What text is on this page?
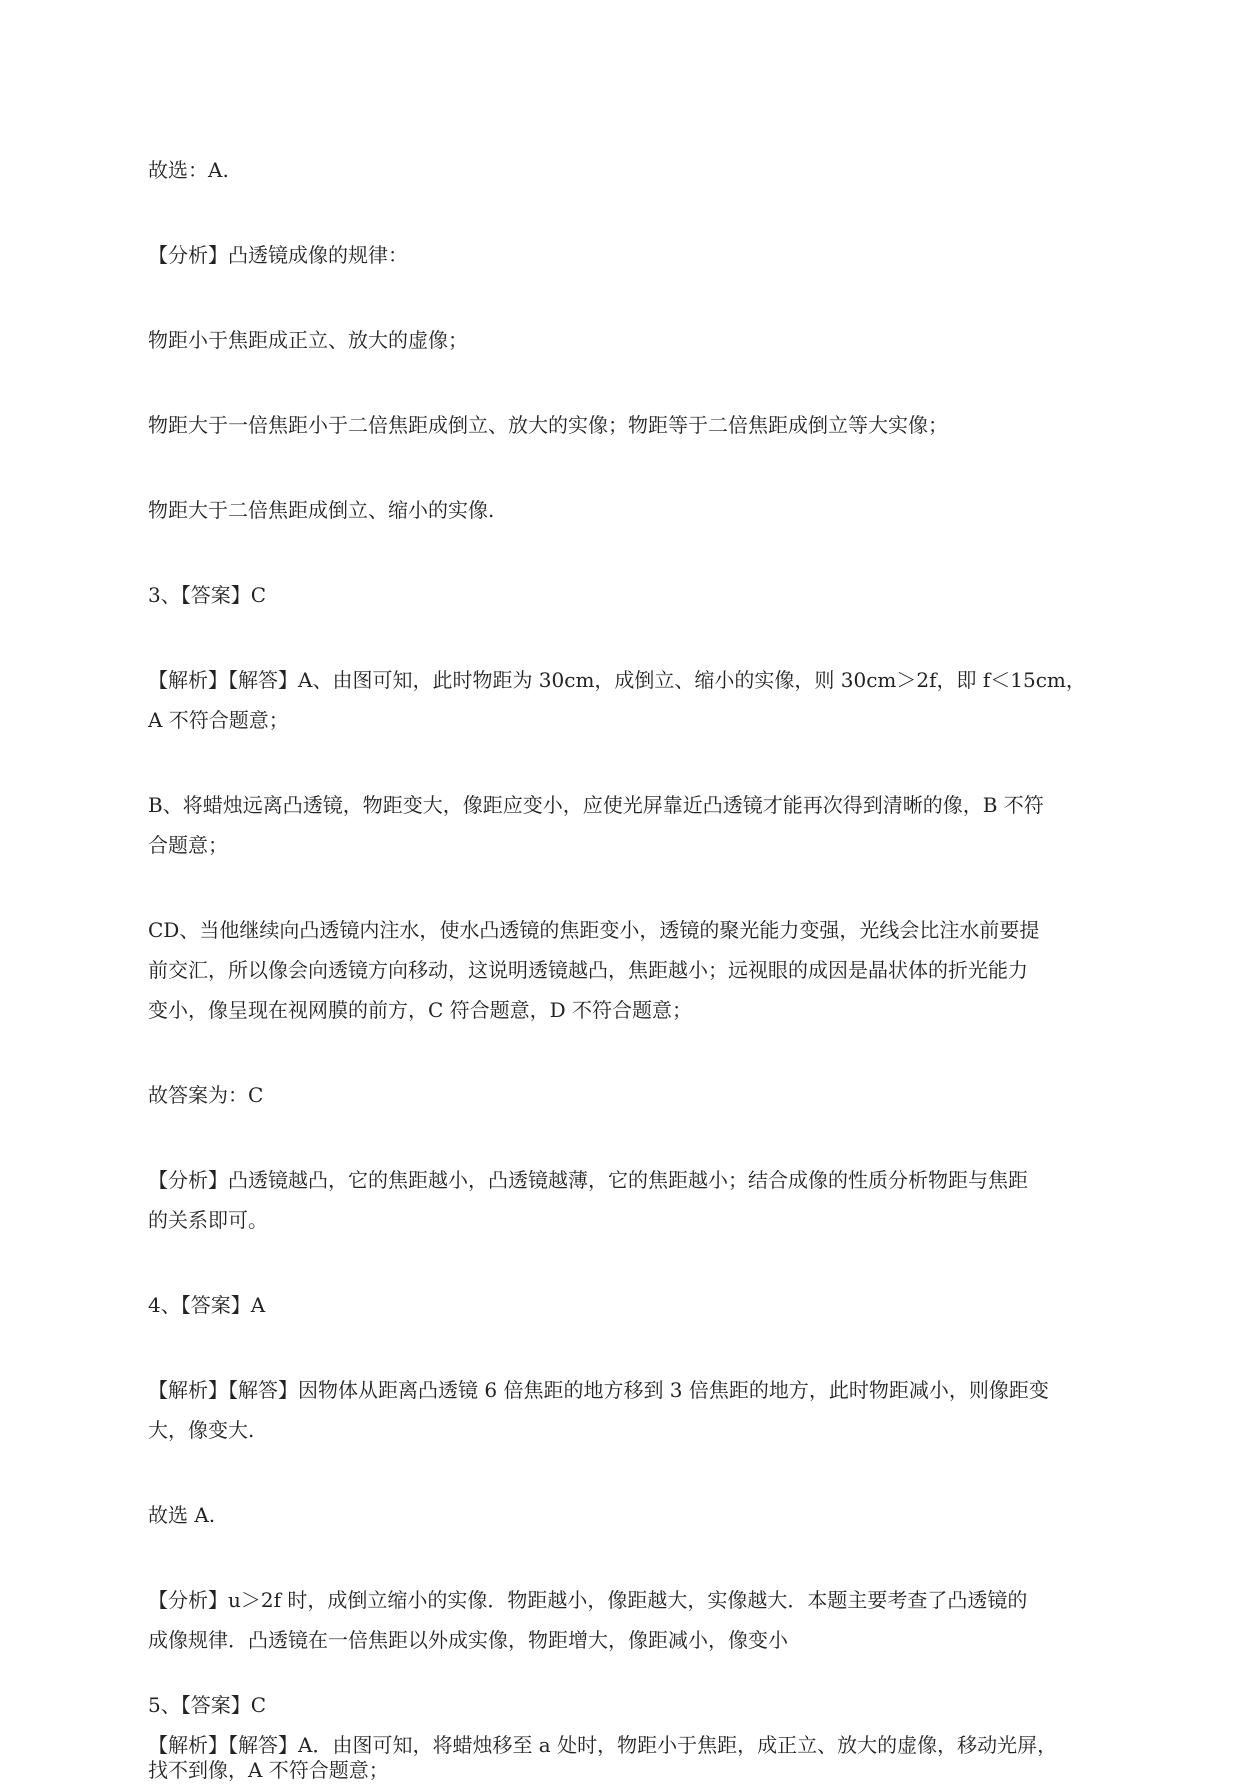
故选：A.
【分析】凸透镜成像的规律：
物距小于焦距成正立、放大的虚像；
物距大于一倍焦距小于二倍焦距成倒立、放大的实像；物距等于二倍焦距成倒立等大实像；
物距大于二倍焦距成倒立、缩小的实像.
3、【答案】C
【解析】【解答】A、由图可知，此时物距为 30cm，成倒立、缩小的实像，则 30cm＞2f，即 f＜15cm，
A 不符合题意；
B、将蜡烛远离凸透镜，物距变大，像距应变小，应使光屏靠近凸透镜才能再次得到清晰的像，B 不符
合题意；
CD、当他继续向凸透镜内注水，使水凸透镜的焦距变小，透镜的聚光能力变强，光线会比注水前要提
前交汇，所以像会向透镜方向移动，这说明透镜越凸，焦距越小；远视眼的成因是晶状体的折光能力
变小，像呈现在视网膜的前方，C 符合题意，D 不符合题意；
故答案为：C
【分析】凸透镜越凸，它的焦距越小，凸透镜越薄，它的焦距越小；结合成像的性质分析物距与焦距
的关系即可。
4、【答案】A
【解析】【解答】因物体从距离凸透镜 6 倍焦距的地方移到 3 倍焦距的地方，此时物距减小，则像距变
大，像变大.
故选 A.
【分析】u＞2f 时，成倒立缩小的实像．物距越小，像距越大，实像越大．本题主要考查了凸透镜的
成像规律．凸透镜在一倍焦距以外成实像，物距增大，像距减小，像变小
5、【答案】C
【解析】【解答】A．由图可知，将蜡烛移至 a 处时，物距小于焦距，成正立、放大的虚像，移动光屏，
找不到像，A 不符合题意；
